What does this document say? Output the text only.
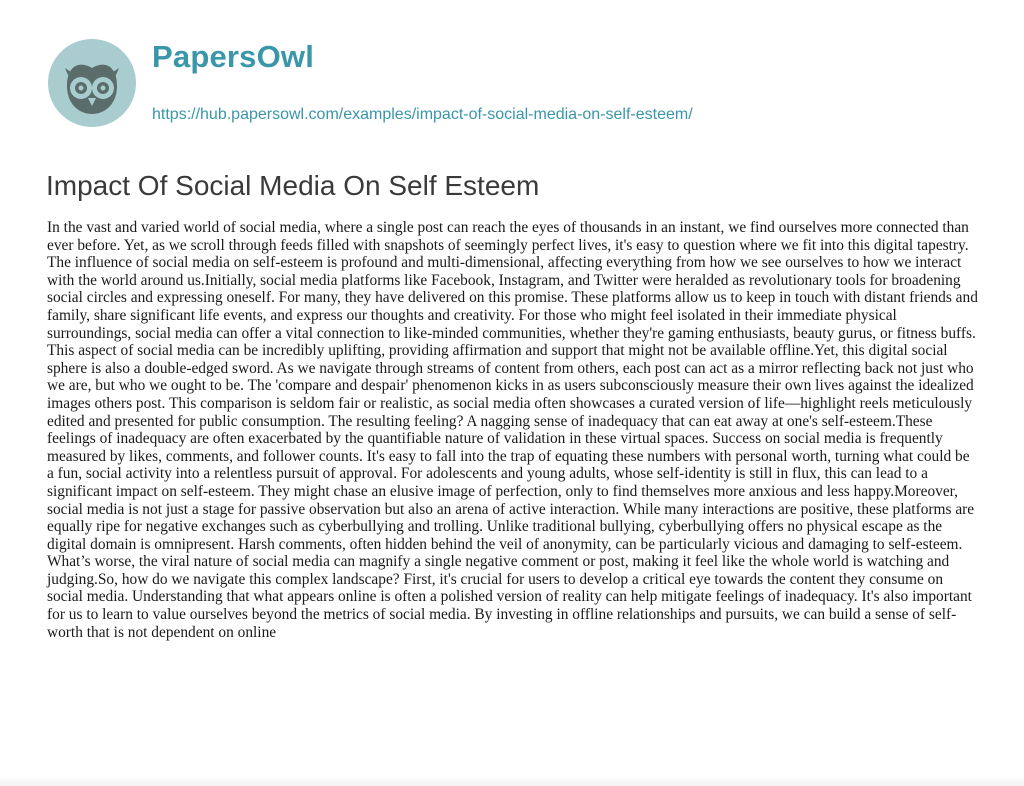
PapersOwl
https://hub.papersowl.com/examples/impact-of-social-media-on-self-esteem/
Impact Of Social Media On Self Esteem

In the vast and varied world of social media, where a single post can reach the eyes of thousands in an instant, we find ourselves more connected than ever before. Yet, as we scroll through feeds filled with snapshots of seemingly perfect lives, it's easy to question where we fit into this digital tapestry. The influence of social media on self-esteem is profound and multi-dimensional, affecting everything from how we see ourselves to how we interact with the world around us.Initially, social media platforms like Facebook, Instagram, and Twitter were heralded as revolutionary tools for broadening social circles and expressing oneself. For many, they have delivered on this promise. These platforms allow us to keep in touch with distant friends and family, share significant life events, and express our thoughts and creativity. For those who might feel isolated in their immediate physical surroundings, social media can offer a vital connection to like-minded communities, whether they're gaming enthusiasts, beauty gurus, or fitness buffs. This aspect of social media can be incredibly uplifting, providing affirmation and support that might not be available offline.Yet, this digital social sphere is also a double-edged sword. As we navigate through streams of content from others, each post can act as a mirror reflecting back not just who we are, but who we ought to be. The 'compare and despair' phenomenon kicks in as users subconsciously measure their own lives against the idealized images others post. This comparison is seldom fair or realistic, as social media often showcases a curated version of life—highlight reels meticulously edited and presented for public consumption. The resulting feeling? A nagging sense of inadequacy that can eat away at one's self-esteem.These feelings of inadequacy are often exacerbated by the quantifiable nature of validation in these virtual spaces. Success on social media is frequently measured by likes, comments, and follower counts. It's easy to fall into the trap of equating these numbers with personal worth, turning what could be a fun, social activity into a relentless pursuit of approval. For adolescents and young adults, whose self-identity is still in flux, this can lead to a significant impact on self-esteem. They might chase an elusive image of perfection, only to find themselves more anxious and less happy.Moreover, social media is not just a stage for passive observation but also an arena of active interaction. While many interactions are positive, these platforms are equally ripe for negative exchanges such as cyberbullying and trolling. Unlike traditional bullying, cyberbullying offers no physical escape as the digital domain is omnipresent. Harsh comments, often hidden behind the veil of anonymity, can be particularly vicious and damaging to self-esteem. What’s worse, the viral nature of social media can magnify a single negative comment or post, making it feel like the whole world is watching and judging.So, how do we navigate this complex landscape? First, it's crucial for users to develop a critical eye towards the content they consume on social media. Understanding that what appears online is often a polished version of reality can help mitigate feelings of inadequacy. It's also important for us to learn to value ourselves beyond the metrics of social media. By investing in offline relationships and pursuits, we can build a sense of self-worth that is not dependent on online
